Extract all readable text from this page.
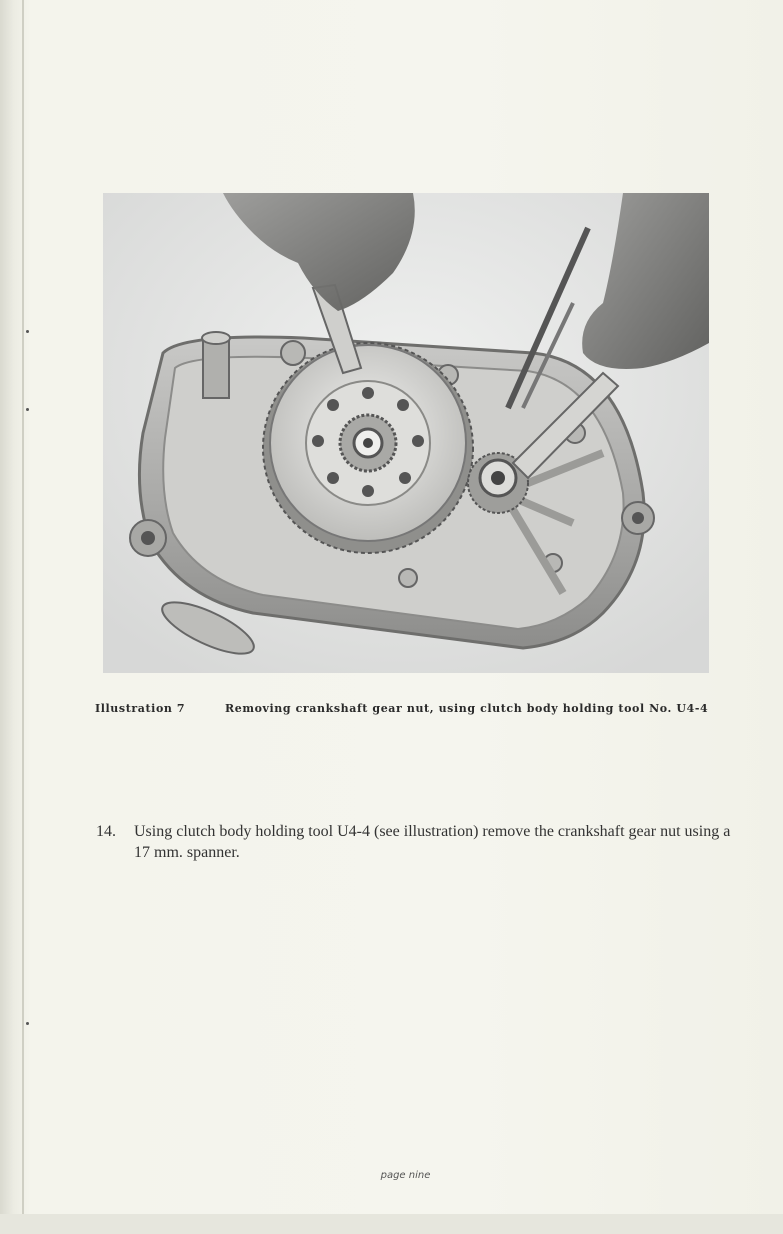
Illustration 7	Removing crankshaft gear nut, using clutch body holding tool No. U4-4
14. Using clutch body holding tool U4-4 (see illustration) remove the crankshaft gear nut using a 17 mm. spanner.
page nine
